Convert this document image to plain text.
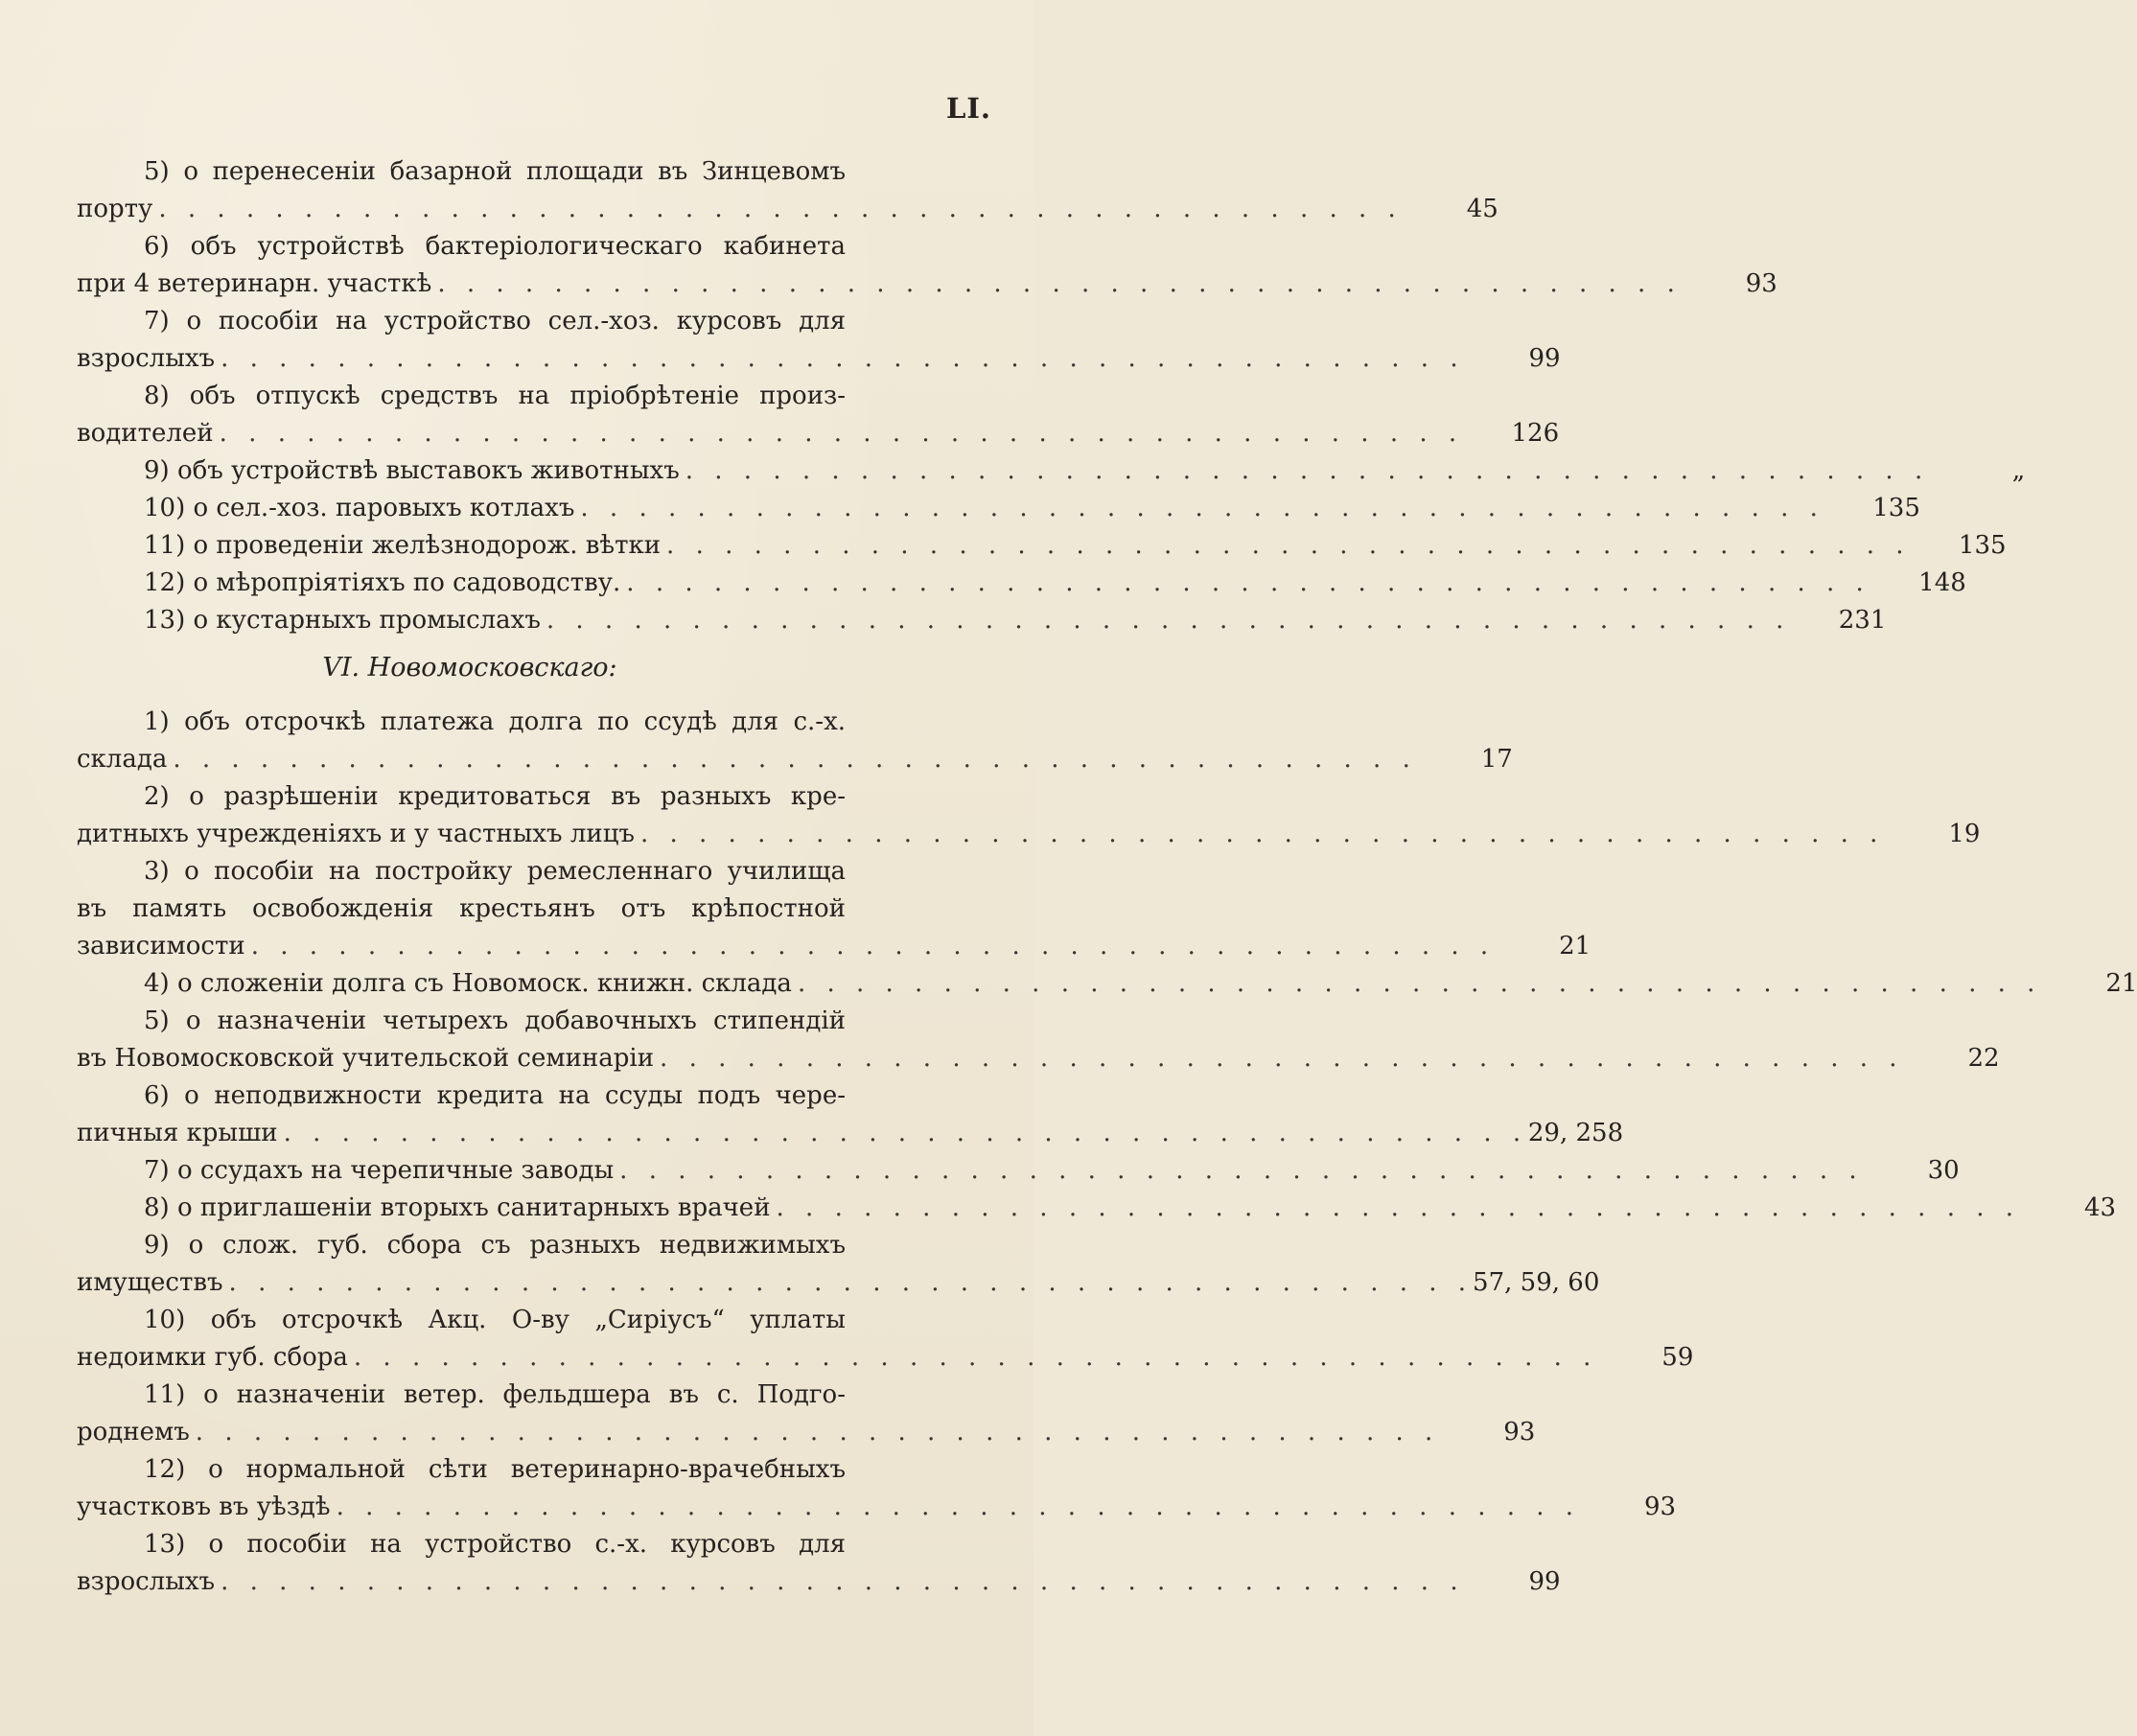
LI.
5) о перенесеніи базарной площади въ Зинцевомъ
порту . . . . . . . . . . . . . . . . . . . . . . . . . . . . . . . . . . . . . . . . . . .	45
6) объ устройствѣ бактеріологическаго кабинета
при 4 ветеринарн. участкѣ . . . . . . . . . . . . . . . . . . . . . . . . . . . . . . . . . . . . . . . . . . .	93
7) о пособіи на устройство сел.-хоз. курсовъ для
взрослыхъ . . . . . . . . . . . . . . . . . . . . . . . . . . . . . . . . . . . . . . . . . . .	99
8) объ отпускѣ средствъ на пріобрѣтеніе произ-
водителей . . . . . . . . . . . . . . . . . . . . . . . . . . . . . . . . . . . . . . . . . . .	126
9) объ устройствѣ выставокъ животныхъ . . . . . . . . . . . . . . . . . . . . . . . . . . . . . . . . . . . . . . . . . . .	„
10) о сел.-хоз. паровыхъ котлахъ . . . . . . . . . . . . . . . . . . . . . . . . . . . . . . . . . . . . . . . . . . .	135
11) о проведеніи желѣзнодорож. вѣтки . . . . . . . . . . . . . . . . . . . . . . . . . . . . . . . . . . . . . . . . . . .	135
12) о мѣропріятіяхъ по садоводству. . . . . . . . . . . . . . . . . . . . . . . . . . . . . . . . . . . . . . . . . . . .	148
13) о кустарныхъ промыслахъ . . . . . . . . . . . . . . . . . . . . . . . . . . . . . . . . . . . . . . . . . . .	231
VI. Новомосковскаго:
1) объ отсрочкѣ платежа долга по ссудѣ для с.-х.
склада . . . . . . . . . . . . . . . . . . . . . . . . . . . . . . . . . . . . . . . . . . .	17
2) о разрѣшеніи кредитоваться въ разныхъ кре-
дитныхъ учрежденіяхъ и у частныхъ лицъ . . . . . . . . . . . . . . . . . . . . . . . . . . . . . . . . . . . . . . . . . . .	19
3) о пособіи на постройку ремесленнаго училища
въ память освобожденія крестьянъ отъ крѣпостной
зависимости . . . . . . . . . . . . . . . . . . . . . . . . . . . . . . . . . . . . . . . . . . .	21
4) о сложеніи долга съ Новомоск. книжн. склада . . . . . . . . . . . . . . . . . . . . . . . . . . . . . . . . . . . . . . . . . . .	21
5) о назначеніи четырехъ добавочныхъ стипендій
въ Новомосковской учительской семинаріи . . . . . . . . . . . . . . . . . . . . . . . . . . . . . . . . . . . . . . . . . . .	22
6) о неподвижности кредита на ссуды подъ чере-
пичныя крыши . . . . . . . . . . . . . . . . . . . . . . . . . . . . . . . . . . . . . . . . . . . 29, 258
7) о ссудахъ на черепичные заводы . . . . . . . . . . . . . . . . . . . . . . . . . . . . . . . . . . . . . . . . . . .	30
8) о приглашеніи вторыхъ санитарныхъ врачей . . . . . . . . . . . . . . . . . . . . . . . . . . . . . . . . . . . . . . . . . . .	43
9) о слож. губ. сбора съ разныхъ недвижимыхъ
имуществъ . . . . . . . . . . . . . . . . . . . . . . . . . . . . . . . . . . . . . . . . . . . 57, 59, 60
10) объ отсрочкѣ Акц. О-ву „Сиріусъ“ уплаты
недоимки губ. сбора . . . . . . . . . . . . . . . . . . . . . . . . . . . . . . . . . . . . . . . . . . .	59
11) о назначеніи ветер. фельдшера въ с. Подго-
роднемъ . . . . . . . . . . . . . . . . . . . . . . . . . . . . . . . . . . . . . . . . . . .	93
12) о нормальной сѣти ветеринарно-врачебныхъ
участковъ въ уѣздѣ . . . . . . . . . . . . . . . . . . . . . . . . . . . . . . . . . . . . . . . . . . .	93
13) о пособіи на устройство с.-х. курсовъ для
взрослыхъ . . . . . . . . . . . . . . . . . . . . . . . . . . . . . . . . . . . . . . . . . . .	99
